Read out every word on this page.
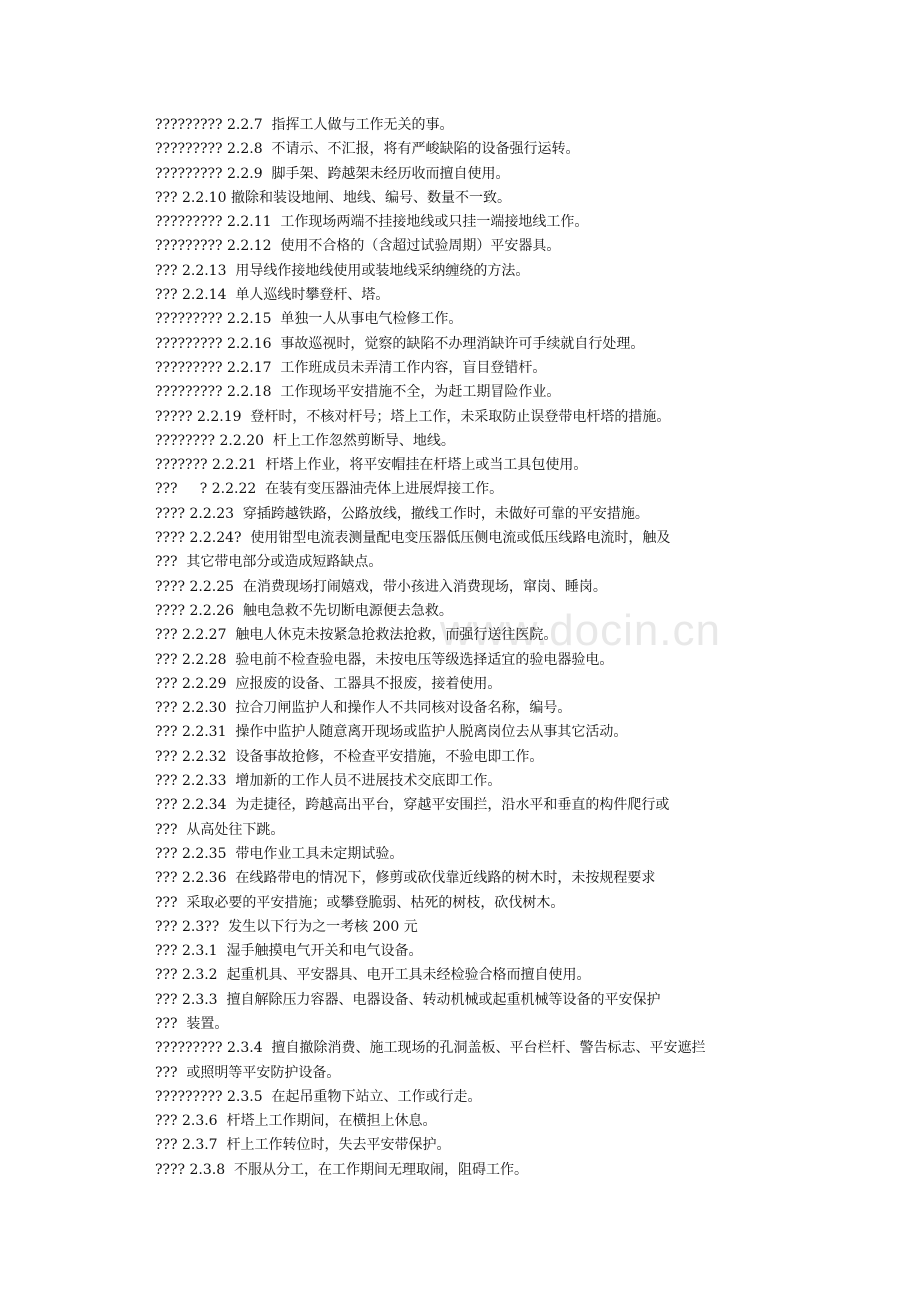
www.docin.cn

????????? 2.2.7  指挥工人做与工作无关的事。

????????? 2.2.8  不请示、不汇报，将有严峻缺陷的设备强行运转。

????????? 2.2.9  脚手架、跨越架未经历收而擅自使用。

??? 2.2.10 撤除和装设地闸、地线、编号、数量不一致。

????????? 2.2.11  工作现场两端不挂接地线或只挂一端接地线工作。

????????? 2.2.12  使用不合格的（含超过试验周期）平安器具。

??? 2.2.13  用导线作接地线使用或装地线采纳缠绕的方法。

??? 2.2.14  单人巡线时攀登杆、塔。

????????? 2.2.15  单独一人从事电气检修工作。

????????? 2.2.16  事故巡视时，觉察的缺陷不办理消缺许可手续就自行处理。

????????? 2.2.17  工作班成员未弄清工作内容，盲目登错杆。

????????? 2.2.18  工作现场平安措施不全，为赶工期冒险作业。

????? 2.2.19  登杆时，不核对杆号；塔上工作，未采取防止误登带电杆塔的措施。

???????? 2.2.20  杆上工作忽然剪断导、地线。

??????? 2.2.21  杆塔上作业，将平安帽挂在杆塔上或当工具包使用。

???     ? 2.2.22  在装有变压器油壳体上进展焊接工作。

???? 2.2.23  穿插跨越铁路，公路放线，撤线工作时，未做好可靠的平安措施。

???? 2.2.24?  使用钳型电流表测量配电变压器低压侧电流或低压线路电流时，触及

???  其它带电部分或造成短路缺点。

???? 2.2.25  在消费现场打闹嬉戏，带小孩进入消费现场，窜岗、睡岗。

???? 2.2.26  触电急救不先切断电源便去急救。

??? 2.2.27  触电人休克未按紧急抢救法抢救，而强行送往医院。

??? 2.2.28  验电前不检查验电器，未按电压等级选择适宜的验电器验电。

??? 2.2.29  应报废的设备、工器具不报废，接着使用。

??? 2.2.30  拉合刀闸监护人和操作人不共同核对设备名称，编号。

??? 2.2.31  操作中监护人随意离开现场或监护人脱离岗位去从事其它活动。

??? 2.2.32  设备事故抢修，不检查平安措施，不验电即工作。

??? 2.2.33  增加新的工作人员不进展技术交底即工作。

??? 2.2.34  为走捷径，跨越高出平台，穿越平安围拦，沿水平和垂直的构件爬行或

???  从高处往下跳。

??? 2.2.35  带电作业工具未定期试验。

??? 2.2.36  在线路带电的情况下，修剪或砍伐靠近线路的树木时，未按规程要求

???  采取必要的平安措施；或攀登脆弱、枯死的树枝，砍伐树木。

??? 2.3??  发生以下行为之一考核 200 元

??? 2.3.1  湿手触摸电气开关和电气设备。

??? 2.3.2  起重机具、平安器具、电开工具未经检验合格而擅自使用。

??? 2.3.3  擅自解除压力容器、电器设备、转动机械或起重机械等设备的平安保护

???  装置。

????????? 2.3.4  擅自撤除消费、施工现场的孔洞盖板、平台栏杆、警告标志、平安遮拦

???  或照明等平安防护设备。

????????? 2.3.5  在起吊重物下站立、工作或行走。

??? 2.3.6  杆塔上工作期间，在横担上休息。

??? 2.3.7  杆上工作转位时，失去平安带保护。

???? 2.3.8  不服从分工，在工作期间无理取闹，阻碍工作。
